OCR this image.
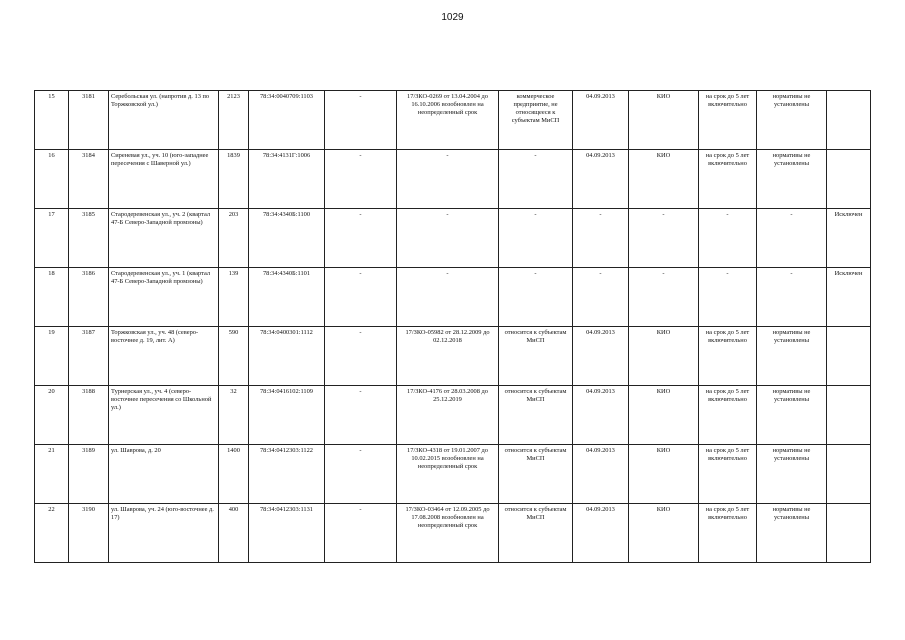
1029
15	3181	Серебольская ул. (напротив д. 13 по Торжковской ул.)	2123	78:34:0040709:1103	-	17/ЗКО-0269 от 13.04.2004 до 16.10.2006 возобновлен на неопределенный срок	коммерческое предприятие, не относящееся к субъектам МиСП	04.09.2013	КИО	на срок до 5 лет включительно	нормативы не установлены	
16	3184	Сиреневая ул., уч. 10 (юго-западнее пересечения с Шаверной ул.)	1839	78:34:4131Г:1006	-	-	-	04.09.2013	КИО	на срок до 5 лет включительно	нормативы не установлены	
17	3185	Стародеревенская ул., уч. 2 (квартал 47-Б Северо-Западной промзоны)	203	78:34:4340Б:1100	-	-	-	-	-	-	-	Исключен
18	3186	Стародеревенская ул., уч. 1 (квартал 47-Б Северо-Западной промзоны)	139	78:34:4340Б:1101	-	-	-	-	-	-	-	Исключен
19	3187	Торжковская ул., уч. 48 (северо-восточнее д. 19, лит. А)	590	78:34:0400301:1112	-	17/ЗКО-05982 от 28.12.2009 до 02.12.2018	относится к субъектам МиСП	04.09.2013	КИО	на срок до 5 лет включительно	нормативы не установлены	
20	3188	Турнерская ул., уч. 4 (северо-восточнее пересечения со Школьной ул.)	32	78:34:0416102:1109	-	17/ЗКО-4176 от 28.03.2008 до 25.12.2019	относится к субъектам МиСП	04.09.2013	КИО	на срок до 5 лет включительно	нормативы не установлены	
21	3189	ул. Шаврова, д. 20	1400	78:34:0412303:1122	-	17/ЗКО-4318 от 19.01.2007 до 10.02.2015 возобновлен на неопределенный срок	относится к субъектам МиСП	04.09.2013	КИО	на срок до 5 лет включительно	нормативы не установлены	
22	3190	ул. Шаврова, уч. 24 (юго-восточнее д. 17)	400	78:34:0412303:1131	-	17/ЗКО-03464 от 12.09.2005 до 17.08.2008 возобновлен на неопределенный срок	относится к субъектам МиСП	04.09.2013	КИО	на срок до 5 лет включительно	нормативы не установлены	
